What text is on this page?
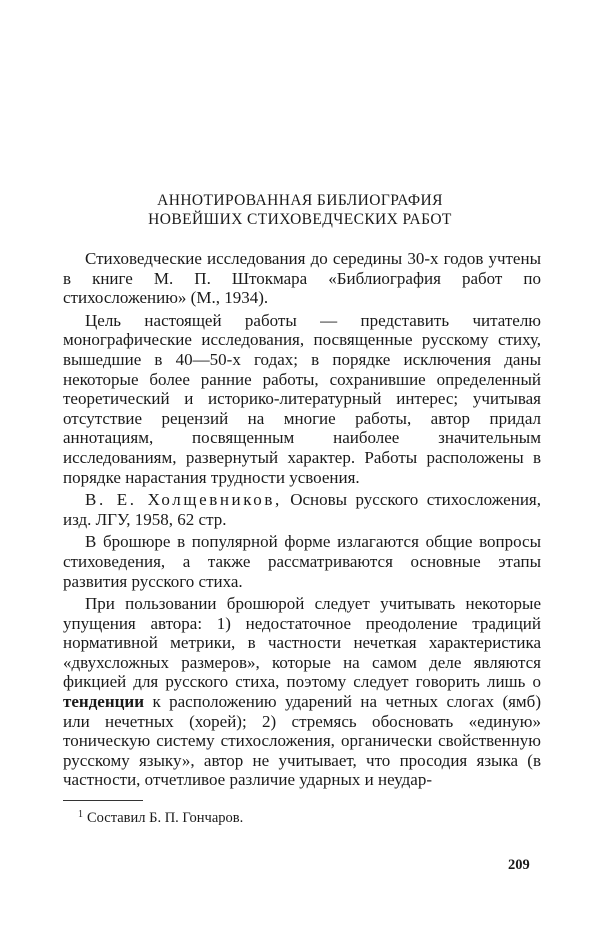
АННОТИРОВАННАЯ БИБЛИОГРАФИЯ
НОВЕЙШИХ СТИХОВЕДЧЕСКИХ РАБОТ

Стиховедческие исследования до середины 30-х годов учтены в книге М. П. Штокмара «Библиография работ по стихосложению» (М., 1934).

Цель настоящей работы — представить читателю монографические исследования, посвященные русскому стиху, вышедшие в 40—50-х годах; в порядке исключения даны некоторые более ранние работы, сохранившие определенный теоретический и историко-литературный интерес; учитывая отсутствие рецензий на многие работы, автор придал аннотациям, посвященным наиболее значительным исследованиям, развернутый характер. Работы расположены в порядке нарастания трудности усвоения.

В. Е. Холщевников, Основы русского стихосложения, изд. ЛГУ, 1958, 62 стр.

В брошюре в популярной форме излагаются общие вопросы стиховедения, а также рассматриваются основные этапы развития русского стиха.

При пользовании брошюрой следует учитывать некоторые упущения автора: 1) недостаточное преодоление традиций нормативной метрики, в частности нечеткая характеристика «двухсложных размеров», которые на самом деле являются фикцией для русского стиха, поэтому следует говорить лишь о тенденции к расположению ударений на четных слогах (ямб) или нечетных (хорей); 2) стремясь обосновать «единую» тоническую систему стихосложения, органически свойственную русскому языку», автор не учитывает, что просодия языка (в частности, отчетливое различие ударных и неудар-

$^1$ Составил Б. П. Гончаров.
209
